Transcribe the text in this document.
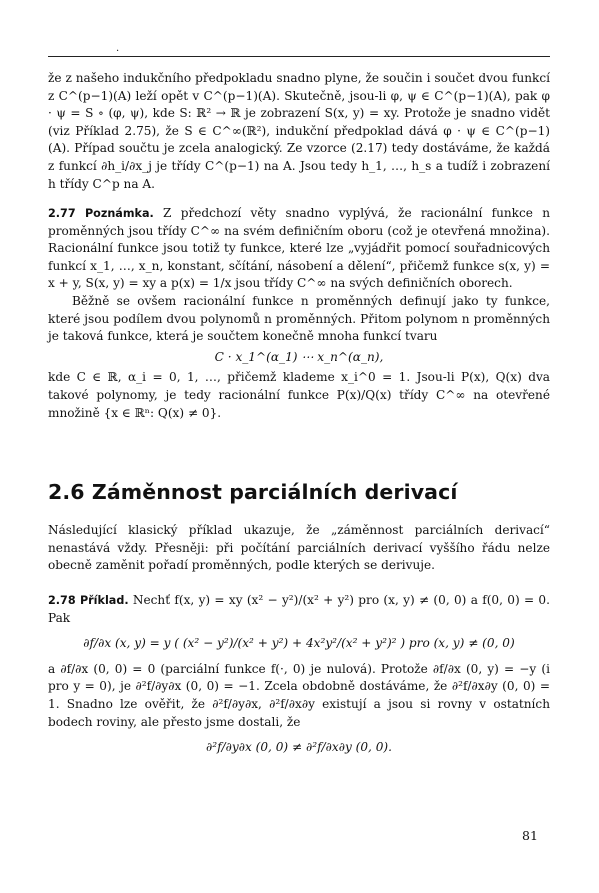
.

že z našeho indukčního předpokladu snadno plyne, že součin i součet dvou funkcí z C^(p−1)(A) leží opět v C^(p−1)(A). Skutečně, jsou-li φ, ψ ∈ C^(p−1)(A), pak φ · ψ = S ∘ (φ, ψ), kde S: ℝ² → ℝ je zobrazení S(x, y) = xy. Protože je snadno vidět (viz Příklad 2.75), že S ∈ C^∞(ℝ²), indukční předpoklad dává φ · ψ ∈ C^(p−1)(A). Případ součtu je zcela analogický. Ze vzorce (2.17) tedy dostáváme, že každá z funkcí ∂h_i/∂x_j je třídy C^(p−1) na A. Jsou tedy h_1, …, h_s a tudíž i zobrazení h třídy C^p na A.

2.77 Poznámka. Z předchozí věty snadno vyplývá, že racionální funkce n proměnných jsou třídy C^∞ na svém definičním oboru (což je otevřená množina). Racionální funkce jsou totiž ty funkce, které lze „vyjádřit pomocí souřadnicových funkcí x_1, …, x_n, konstant, sčítání, násobení a dělení“, přičemž funkce s(x, y) = x + y, S(x, y) = xy a p(x) = 1/x jsou třídy C^∞ na svých definičních oborech.

Běžně se ovšem racionální funkce n proměnných definují jako ty funkce, které jsou podílem dvou polynomů n proměnných. Přitom polynom n proměnných je taková funkce, která je součtem konečně mnoha funkcí tvaru

C · x_1^(α_1) ⋯ x_n^(α_n),

kde C ∈ ℝ, α_i = 0, 1, …, přičemž klademe x_i^0 = 1. Jsou-li P(x), Q(x) dva takové polynomy, je tedy racionální funkce P(x)/Q(x) třídy C^∞ na otevřené množině {x ∈ ℝⁿ: Q(x) ≠ 0}.

2.6 Záměnnost parciálních derivací

Následující klasický příklad ukazuje, že „záměnnost parciálních derivací“ nenastává vždy. Přesněji: při počítání parciálních derivací vyššího řádu nelze obecně zaměnit pořadí proměnných, podle kterých se derivuje.

2.78 Příklad. Nechť f(x, y) = xy (x² − y²)/(x² + y²) pro (x, y) ≠ (0, 0) a f(0, 0) = 0. Pak

∂f/∂x (x, y) = y ( (x² − y²)/(x² + y²) + 4x²y²/(x² + y²)² ) pro (x, y) ≠ (0, 0)

a ∂f/∂x (0, 0) = 0 (parciální funkce f(·, 0) je nulová). Protože ∂f/∂x (0, y) = −y (i pro y = 0), je ∂²f/∂y∂x (0, 0) = −1. Zcela obdobně dostáváme, že ∂²f/∂x∂y (0, 0) = 1. Snadno lze ověřit, že ∂²f/∂y∂x, ∂²f/∂x∂y existují a jsou si rovny v ostatních bodech roviny, ale přesto jsme dostali, že

∂²f/∂y∂x (0, 0) ≠ ∂²f/∂x∂y (0, 0).

81
